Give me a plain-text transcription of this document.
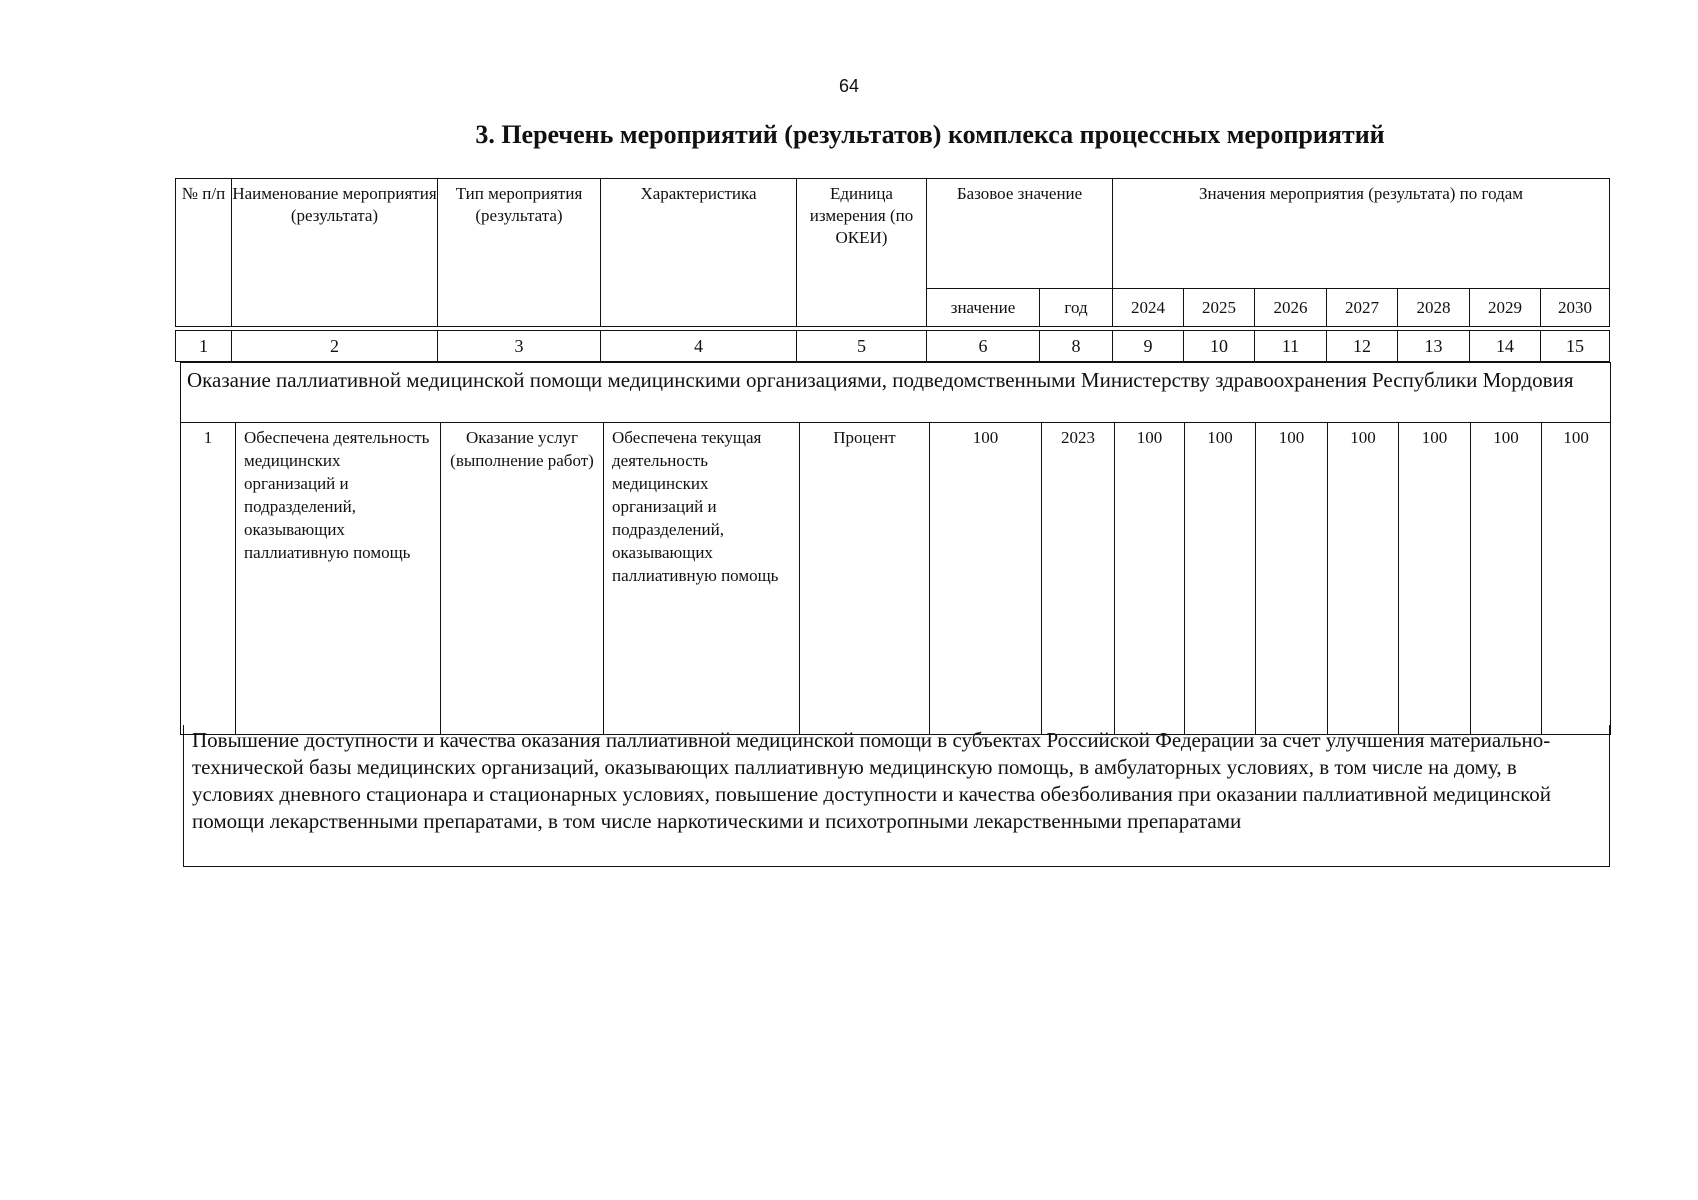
64
3. Перечень мероприятий (результатов) комплекса процессных мероприятий
№ п/п	Наименование мероприятия (результата)	Тип мероприятия (результата)	Характеристика	Единица измерения (по ОКЕИ)	Базовое значение		Значения мероприятия (результата) по годам						
					значение	год	2024	2025	2026	2027	2028	2029	2030
1	2	3	4	5	6	8	9	10	11	12	13	14	15
Оказание паллиативной медицинской помощи медицинскими организациями, подведомственными Министерству здравоохранения Республики Мордовия
1	Обеспечена деятельность медицинских организаций и подразделений, оказывающих паллиативную помощь	Оказание услуг (выполнение работ)	Обеспечена текущая деятельность медицинских организаций и подразделений, оказывающих паллиативную помощь	Процент	100	2023	100	100	100	100	100	100	100
Повышение доступности и качества оказания паллиативной медицинской помощи в субъектах Российской Федерации за счет улучшения материально-технической базы медицинских организаций, оказывающих паллиативную медицинскую помощь, в амбулаторных условиях, в том числе на дому, в условиях дневного стационара и стационарных условиях, повышение доступности и качества обезболивания при оказании паллиативной медицинской помощи лекарственными препаратами, в том числе наркотическими и психотропными лекарственными препаратами
